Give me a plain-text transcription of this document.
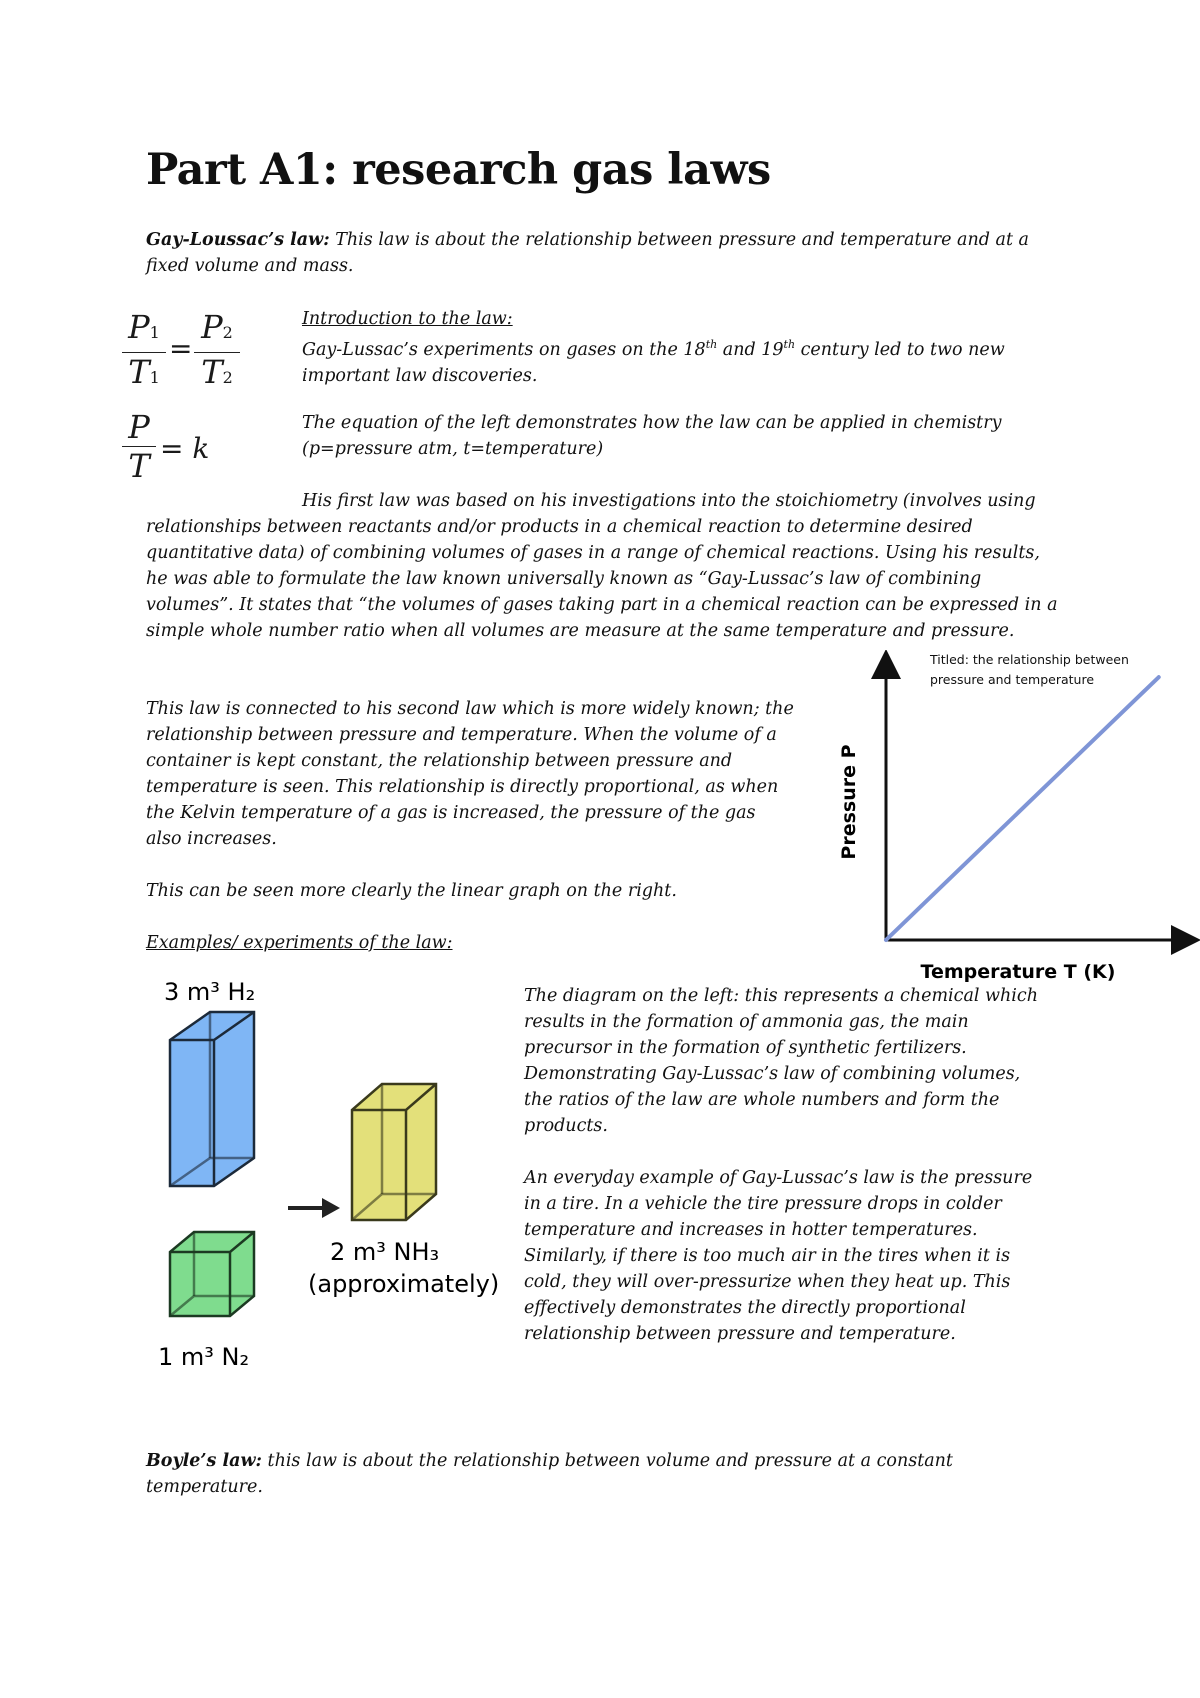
Part A1: research gas laws
Gay-Loussac’s law: This law is about the relationship between pressure and temperature and at a fixed volume and mass.
P1
T1
=
P2
T2
P
T = k
Introduction to the law:
Gay-Lussac’s experiments on gases on the 18th and 19th century led to two new important law discoveries.
The equation of the left demonstrates how the law can be applied in chemistry (p=pressure atm, t=temperature)
His first law was based on his investigations into the stoichiometry (involves using relationships between reactants and/or products in a chemical reaction to determine desired quantitative data) of combining volumes of gases in a range of chemical reactions. Using his results, he was able to formulate the law known universally known as “Gay-Lussac’s law of combining volumes”. It states that “the volumes of gases taking part in a chemical reaction can be expressed in a simple whole number ratio when all volumes are measure at the same temperature and pressure.
This law is connected to his second law which is more widely known; the relationship between pressure and temperature. When the volume of a container is kept constant, the relationship between pressure and temperature is seen. This relationship is directly proportional, as when the Kelvin temperature of a gas is increased, the pressure of the gas also increases.
This can be seen more clearly the linear graph on the right.
Examples/ experiments of the law:
Pressure P
Temperature T (K)
Titled: the relationship between pressure and temperature
3 m³ H₂
1 m³ N₂
2 m³ NH₃
(approximately)
The diagram on the left: this represents a chemical which results in the formation of ammonia gas, the main precursor in the formation of synthetic fertilizers. Demonstrating Gay-Lussac’s law of combining volumes, the ratios of the law are whole numbers and form the products.
An everyday example of Gay-Lussac’s law is the pressure in a tire. In a vehicle the tire pressure drops in colder temperature and increases in hotter temperatures. Similarly, if there is too much air in the tires when it is cold, they will over-pressurize when they heat up. This effectively demonstrates the directly proportional relationship between pressure and temperature.
Boyle’s law: this law is about the relationship between volume and pressure at a constant temperature.
